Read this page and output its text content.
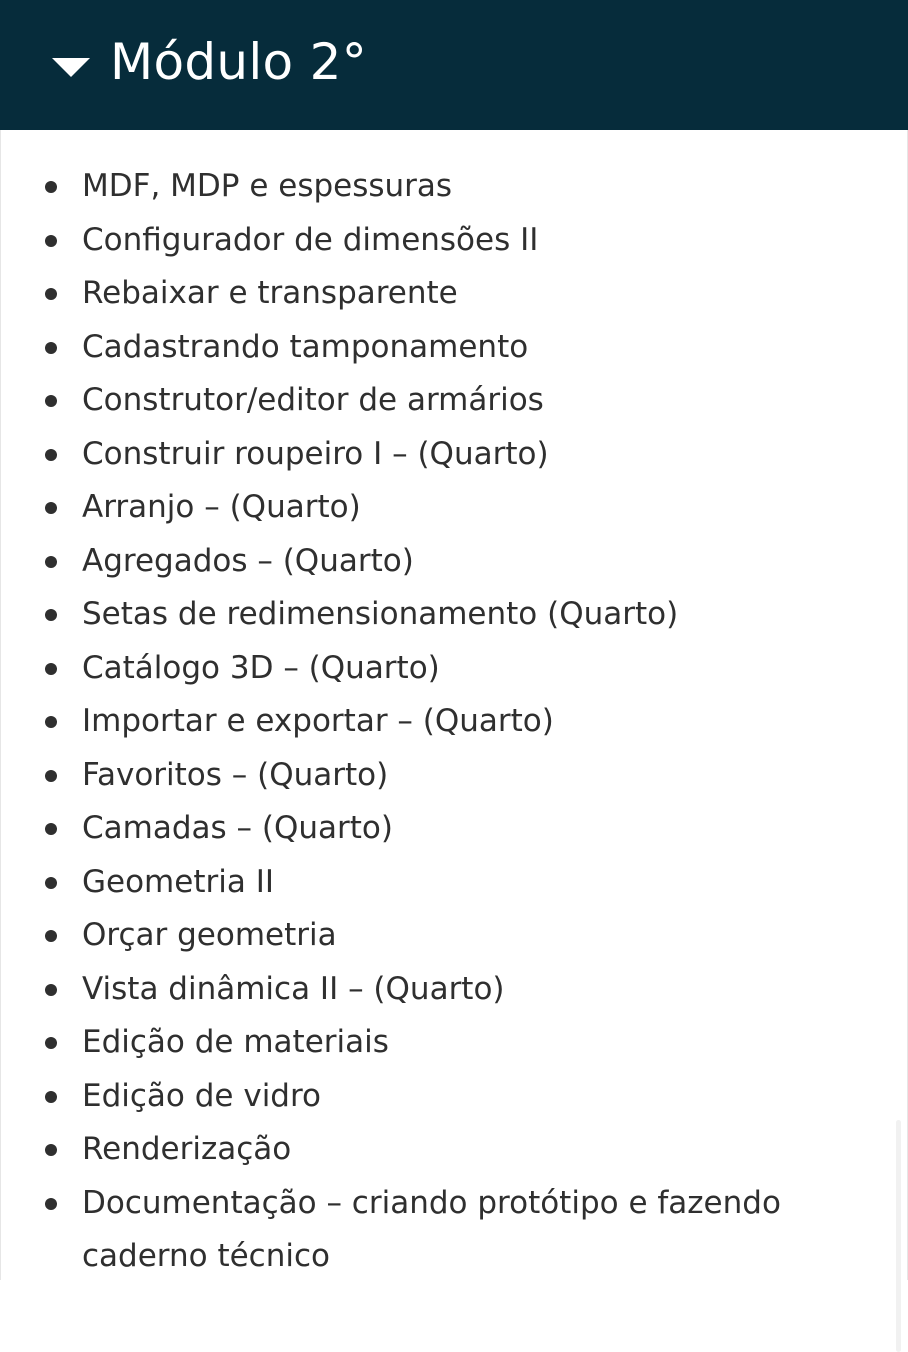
Módulo 2°
MDF, MDP e espessuras
Configurador de dimensões II
Rebaixar e transparente
Cadastrando tamponamento
Construtor/editor de armários
Construir roupeiro I – (Quarto)
Arranjo – (Quarto)
Agregados – (Quarto)
Setas de redimensionamento (Quarto)
Catálogo 3D – (Quarto)
Importar e exportar – (Quarto)
Favoritos – (Quarto)
Camadas – (Quarto)
Geometria II
Orçar geometria
Vista dinâmica II – (Quarto)
Edição de materiais
Edição de vidro
Renderização
Documentação – criando protótipo e fazendo caderno técnico
